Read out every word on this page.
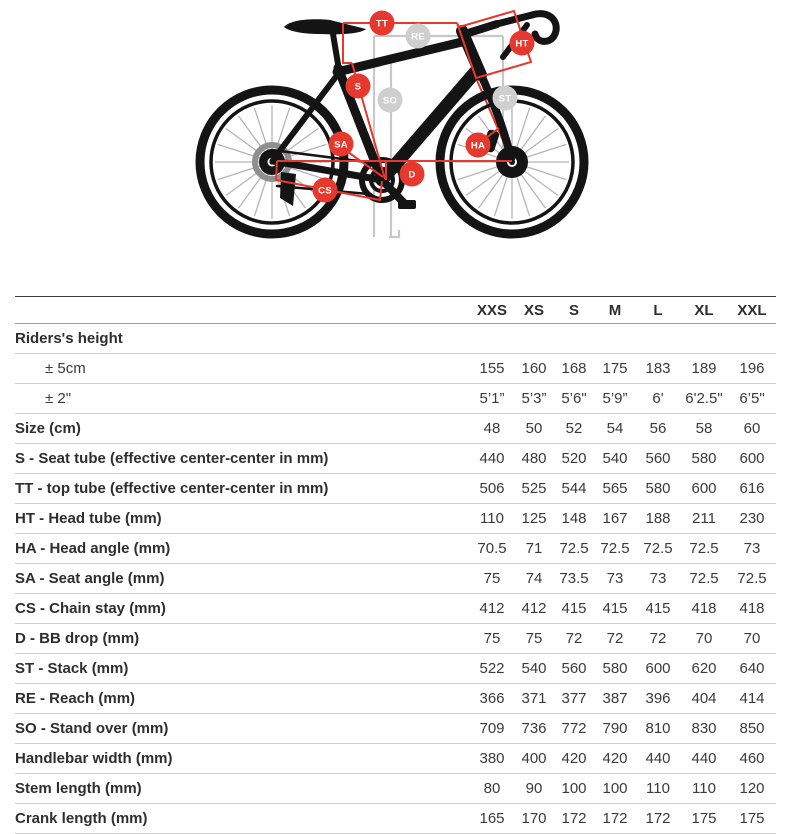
TT
RE
HT
S
SO	ST
SA	HA
D
CS
XXS	XS	S	M	L	XL	XXL
Riders's height
± 5cm	155	160 168	175	183	189	196
± 2"	5’1”	5’3” 5’6"	5’9”	6'	6'2.5"	6’5"
Size (cm)	48	50	52	54	56	58	60
S - Seat tube (effective center-center in mm)	440	480 520	540	560	580	600
TT - top tube (effective center-center in mm)	506	525 544	565	580	600	616
HT - Head tube (mm)	110	125 148	167	188	211	230
HA - Head angle (mm)	70.5	71	72.5 72.5 72.5	72.5	73
SA - Seat angle (mm)	75	74	73.5	73	73	72.5	72.5
CS - Chain stay (mm)	412	412 415	415	415	418	418
D - BB drop (mm)	75	75	72	72	72	70	70
ST - Stack (mm)	522	540 560	580	600	620	640
RE - Reach (mm)	366	371 377	387	396	404	414
SO - Stand over (mm)	709	736 772	790	810	830	850
Handlebar width (mm)	380	400 420	420	440	440	460
Stem length (mm)	80	90	100	100	110	110	120
Crank length (mm)	165	170 172	172	172	175	175
